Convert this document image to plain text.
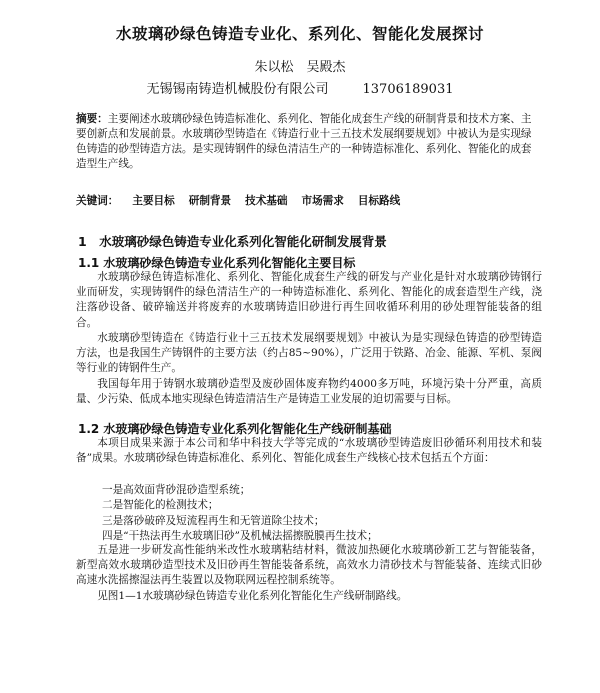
水玻璃砂绿色铸造专业化、系列化、智能化发展探讨
朱以松　吴殿杰
无锡锡南铸造机械股份有限公司	13706189031
摘要：主要阐述水玻璃砂绿色铸造标准化、系列化、智能化成套生产线的研制背景和技术方案、主要创新点和发展前景。水玻璃砂型铸造在《铸造行业十三五技术发展纲要规划》中被认为是实现绿色铸造的砂型铸造方法。是实现铸钢件的绿色清洁生产的一种铸造标准化、系列化、智能化的成套造型生产线。
关键词： 主要目标 研制背景 技术基础 市场需求 目标路线
1　水玻璃砂绿色铸造专业化系列化智能化研制发展背景
1.1 水玻璃砂绿色铸造专业化系列化智能化主要目标
水玻璃砂绿色铸造标准化、系列化、智能化成套生产线的研发与产业化是针对水玻璃砂铸钢行业而研发，实现铸钢件的绿色清洁生产的一种铸造标准化、系列化、智能化的成套造型生产线，浇注落砂设备、破碎输送并将废弃的水玻璃铸造旧砂进行再生回收循环利用的砂处理智能装备的组合。
水玻璃砂型铸造在《铸造行业十三五技术发展纲要规划》中被认为是实现绿色铸造的砂型铸造方法，也是我国生产铸钢件的主要方法（约占85~90%），广泛用于铁路、冶金、能源、军机、泵阀等行业的铸钢件生产。
我国每年用于铸钢水玻璃砂造型及废砂固体废弃物约4000多万吨，环境污染十分严重，高质量、少污染、低成本地实现绿色铸造清洁生产是铸造工业发展的迫切需要与目标。
1.2 水玻璃砂绿色铸造专业化系列化智能化生产线研制基础
本项目成果来源于本公司和华中科技大学等完成的“水玻璃砂型铸造废旧砂循环利用技术和装备”成果。水玻璃砂绿色铸造标准化、系列化、智能化成套生产线核心技术包括五个方面：
一是高效面背砂混砂造型系统；
二是智能化的检测技术；
三是落砂破碎及短流程再生和无管道除尘技术；
四是“干热法再生水玻璃旧砂”及机械法摇擦脱膜再生技术；
五是进一步研发高性能纳米改性水玻璃粘结材料，微波加热硬化水玻璃砂新工艺与智能装备，新型高效水玻璃砂造型技术及旧砂再生智能装备系统，高效水力清砂技术与智能装备、连续式旧砂高速水洗摇擦湿法再生装置以及物联网远程控制系统等。
见图1—1水玻璃砂绿色铸造专业化系列化智能化生产线研制路线。
